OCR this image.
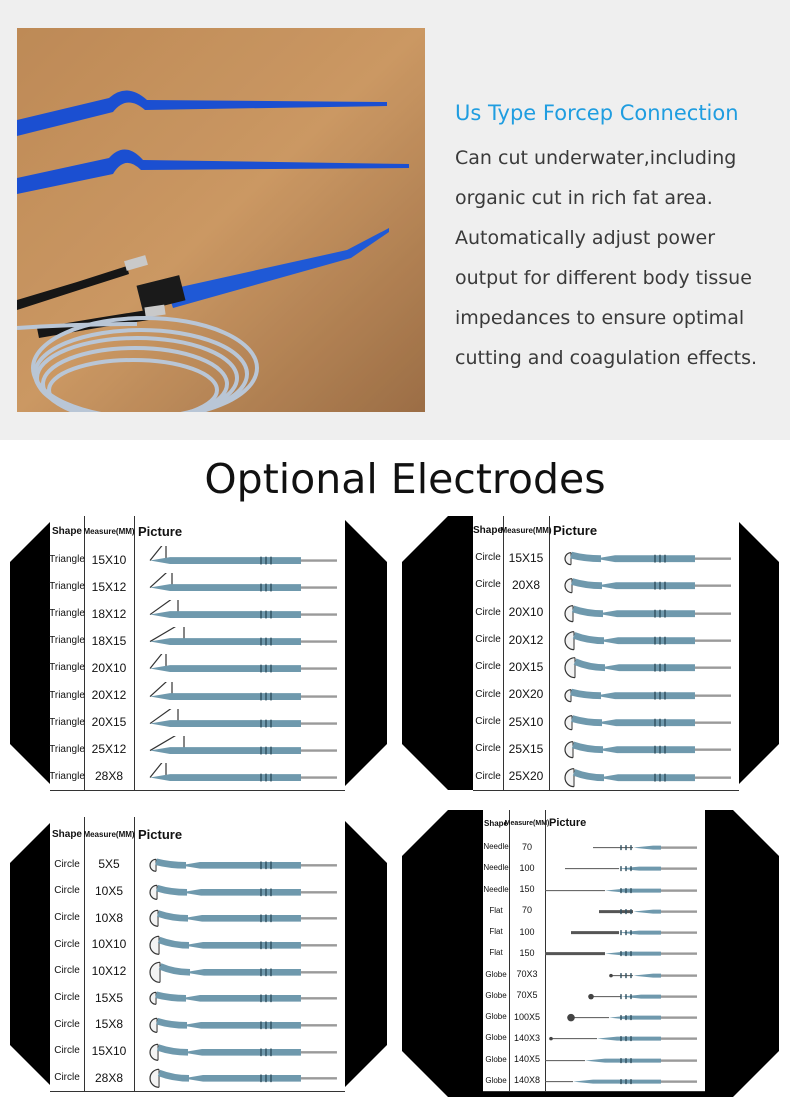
Us Type Forcep Connection
Can cut underwater,including
organic cut in rich fat area.
Automatically adjust power
output for different body tissue
impedances to ensure optimal
cutting and coagulation effects.
Optional Electrodes
Shape Measure(MM) Picture
Triangle 15X10
Triangle 15X12
Triangle 18X12
Triangle 18X15
Triangle 20X10
Triangle 20X12
Triangle 20X15
Triangle 25X12
Triangle 28X8
Shape
Measure(MM) Picture
Circle 15X15
Circle 20X8
Circle 20X10
Circle 20X12
Circle 20X15
Circle 20X20
Circle 25X10
Circle 25X15
Circle 25X20
Shape Measure(MM) Picture
Circle	5X5
Circle	10X5
Circle	10X8
Circle 10X10
Circle 10X12
Circle	15X5
Circle	15X8
Circle 15X10
Circle	28X8
Shape
Measure(MM) Picture
Needle	70
Needle	100
Needle	150
Flat	70
Flat	100
Flat	150
Globe	70X3
Globe	70X5
Globe 100X5
Globe 140X3
Globe 140X5
Globe 140X8
